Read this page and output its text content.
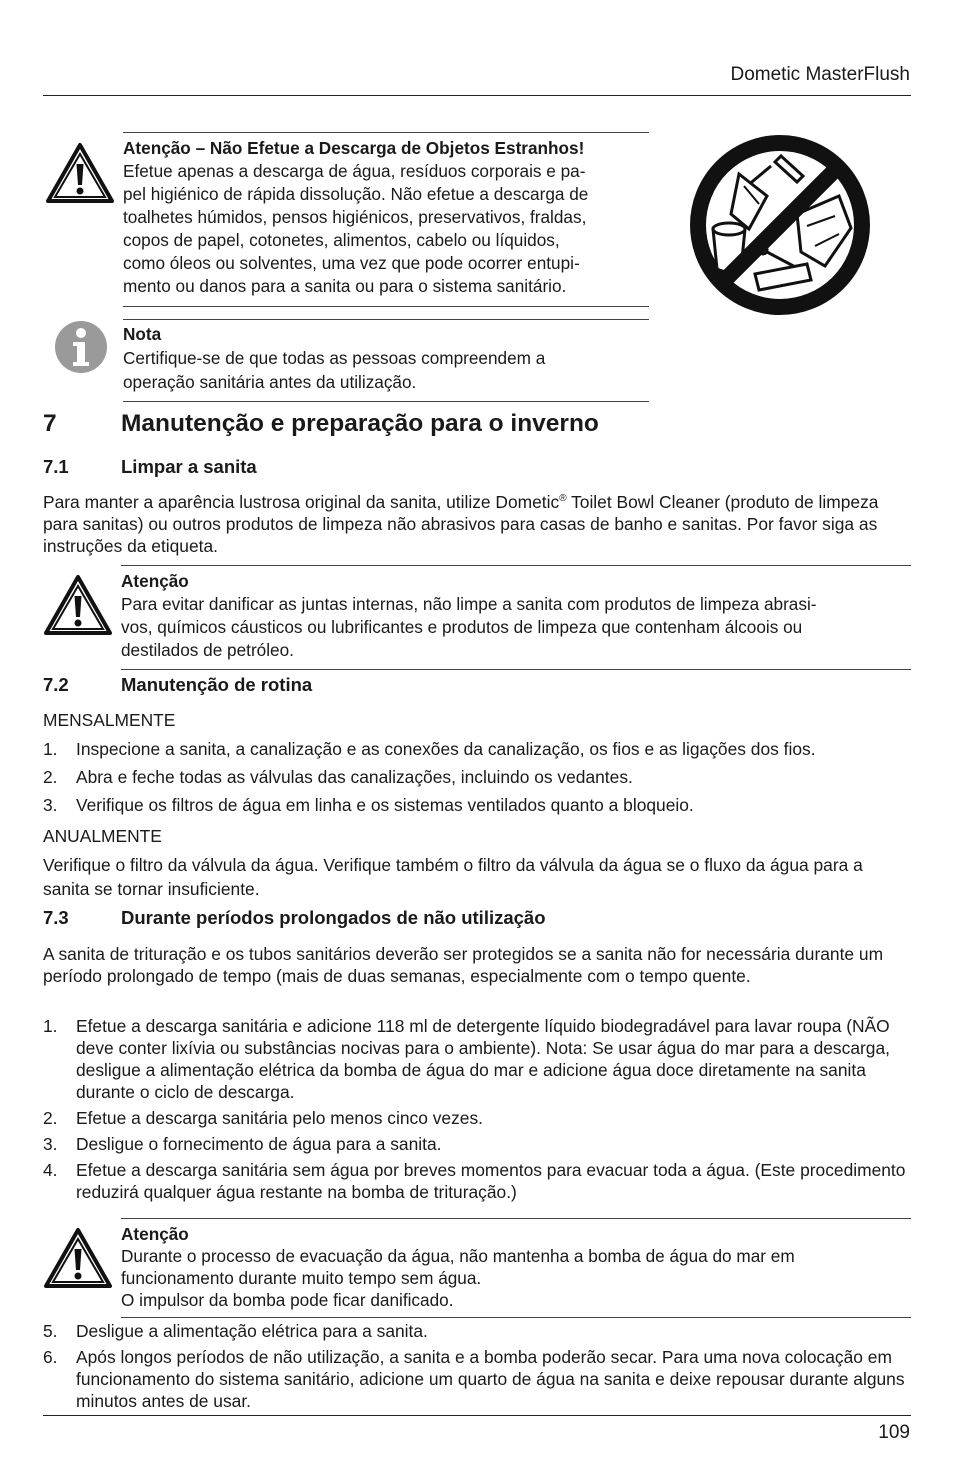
Dometic MasterFlush
Atenção – Não Efetue a Descarga de Objetos Estranhos!
Efetue apenas a descarga de água, resíduos corporais e pa-
pel higiénico de rápida dissolução. Não efetue a descarga de
toalhetes húmidos, pensos higiénicos, preservativos, fraldas,
copos de papel, cotonetes, alimentos, cabelo ou líquidos,
como óleos ou solventes, uma vez que pode ocorrer entupi-
mento ou danos para a sanita ou para o sistema sanitário.
Nota
Certifique-se de que todas as pessoas compreendem a
operação sanitária antes da utilização.
7	Manutenção e preparação para o inverno
7.1	Limpar a sanita
Para manter a aparência lustrosa original da sanita, utilize Dometic® Toilet Bowl Cleaner (produto de limpeza para sanitas) ou outros produtos de limpeza não abrasivos para casas de banho e sanitas. Por favor siga as instruções da etiqueta.
Atenção
Para evitar danificar as juntas internas, não limpe a sanita com produtos de limpeza abrasi-
vos, químicos cáusticos ou lubrificantes e produtos de limpeza que contenham álcoois ou
destilados de petróleo.
7.2	Manutenção de rotina
MENSALMENTE
1. Inspecione a sanita, a canalização e as conexões da canalização, os fios e as ligações dos fios.
2. Abra e feche todas as válvulas das canalizações, incluindo os vedantes.
3. Verifique os filtros de água em linha e os sistemas ventilados quanto a bloqueio.
ANUALMENTE
Verifique o filtro da válvula da água. Verifique também o filtro da válvula da água se o fluxo da água para a sanita se tornar insuficiente.
7.3	Durante períodos prolongados de não utilização
A sanita de trituração e os tubos sanitários deverão ser protegidos se a sanita não for necessária durante um período prolongado de tempo (mais de duas semanas, especialmente com o tempo quente.
1. Efetue a descarga sanitária e adicione 118 ml de detergente líquido biodegradável para lavar roupa (NÃO deve conter lixívia ou substâncias nocivas para o ambiente). Nota: Se usar água do mar para a descarga, desligue a alimentação elétrica da bomba de água do mar e adicione água doce diretamente na sanita durante o ciclo de descarga.
2. Efetue a descarga sanitária pelo menos cinco vezes.
3. Desligue o fornecimento de água para a sanita.
4. Efetue a descarga sanitária sem água por breves momentos para evacuar toda a água. (Este procedimento reduzirá qualquer água restante na bomba de trituração.)
Atenção
Durante o processo de evacuação da água, não mantenha a bomba de água do mar em
funcionamento durante muito tempo sem água.
O impulsor da bomba pode ficar danificado.
5. Desligue a alimentação elétrica para a sanita.
6. Após longos períodos de não utilização, a sanita e a bomba poderão secar. Para uma nova colocação em funcionamento do sistema sanitário, adicione um quarto de água na sanita e deixe repousar durante alguns minutos antes de usar.
109
